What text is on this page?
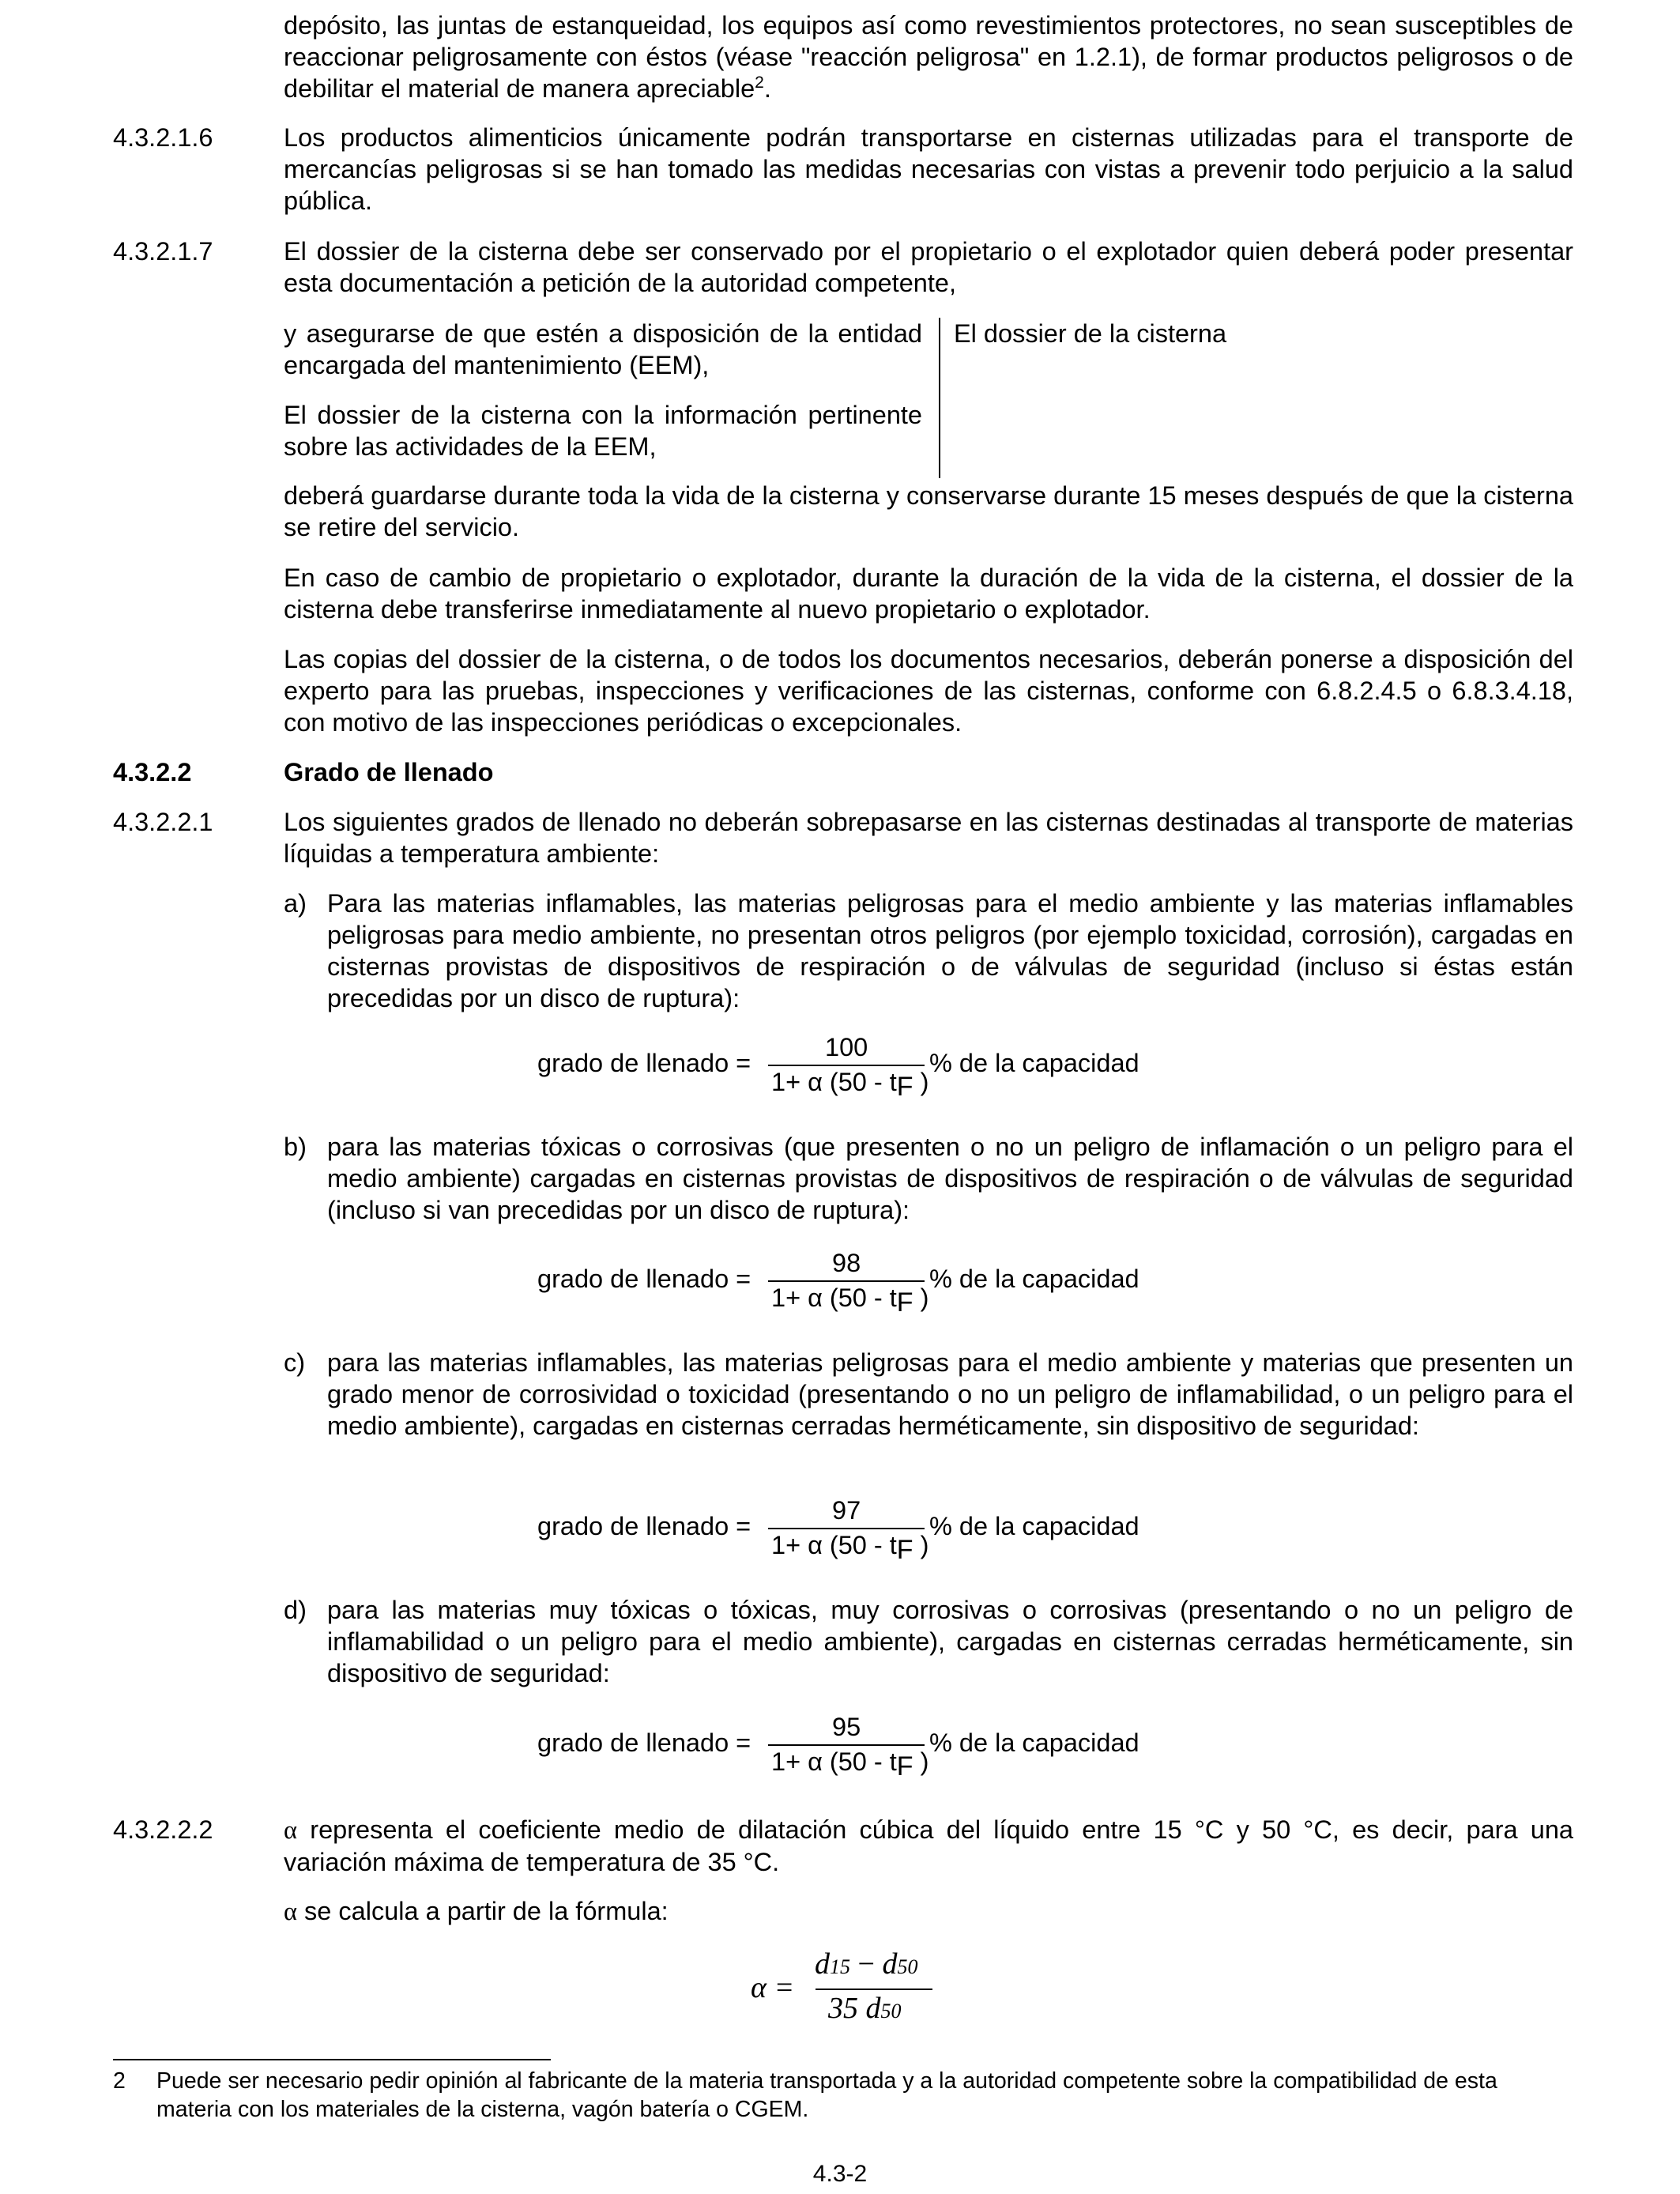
depósito, las juntas de estanqueidad, los equipos así como revestimientos protectores, no sean susceptibles de reaccionar peligrosamente con éstos (véase "reacción peligrosa" en 1.2.1), de formar productos peligrosos o de debilitar el material de manera apreciable$^2$.
4.3.2.1.6	Los productos alimenticios únicamente podrán transportarse en cisternas utilizadas para el transporte de mercancías peligrosas si se han tomado las medidas necesarias con vistas a prevenir todo perjuicio a la salud pública.
4.3.2.1.7	El dossier de la cisterna debe ser conservado por el propietario o el explotador quien deberá poder presentar esta documentación a petición de la autoridad competente,
y asegurarse de que estén a disposición de la entidad encargada del mantenimiento (EEM),
El dossier de la cisterna con la información pertinente sobre las actividades de la EEM,
El dossier de la cisterna
deberá guardarse durante toda la vida de la cisterna y conservarse durante 15 meses después de que la cisterna se retire del servicio.
En caso de cambio de propietario o explotador, durante la duración de la vida de la cisterna, el dossier de la cisterna debe transferirse inmediatamente al nuevo propietario o explotador.
Las copias del dossier de la cisterna, o de todos los documentos necesarios, deberán ponerse a disposición del experto para las pruebas, inspecciones y verificaciones de las cisternas, conforme con 6.8.2.4.5 o 6.8.3.4.18, con motivo de las inspecciones periódicas o excepcionales.
4.3.2.2	Grado de llenado
4.3.2.2.1	Los siguientes grados de llenado no deberán sobrepasarse en las cisternas destinadas al transporte de materias líquidas a temperatura ambiente:
a) Para las materias inflamables, las materias peligrosas para el medio ambiente y las materias inflamables peligrosas para medio ambiente, no presentan otros peligros (por ejemplo toxicidad, corrosión), cargadas en cisternas provistas de dispositivos de respiración o de válvulas de seguridad (incluso si éstas están precedidas por un disco de ruptura):
grado de llenado =
100
1+ α (50 - tF )
% de la capacidad
b) para las materias tóxicas o corrosivas (que presenten o no un peligro de inflamación o un peligro para el medio ambiente) cargadas en cisternas provistas de dispositivos de respiración o de válvulas de seguridad (incluso si van precedidas por un disco de ruptura):
grado de llenado =
98
1+ α (50 - tF )
% de la capacidad
c) para las materias inflamables, las materias peligrosas para el medio ambiente y materias que presenten un grado menor de corrosividad o toxicidad (presentando o no un peligro de inflamabilidad, o un peligro para el medio ambiente), cargadas en cisternas cerradas herméticamente, sin dispositivo de seguridad:
grado de llenado =
97
1+ α (50 - tF )
% de la capacidad
d) para las materias muy tóxicas o tóxicas, muy corrosivas o corrosivas (presentando o no un peligro de inflamabilidad o un peligro para el medio ambiente), cargadas en cisternas cerradas herméticamente, sin dispositivo de seguridad:
grado de llenado =
95
1+ α (50 - tF )
% de la capacidad
4.3.2.2.2	α representa el coeficiente medio de dilatación cúbica del líquido entre 15 °C y 50 °C, es decir, para una variación máxima de temperatura de 35 °C.
α se calcula a partir de la fórmula:
α =
d15 − d50
35 d50
2 Puede ser necesario pedir opinión al fabricante de la materia transportada y a la autoridad competente sobre la compatibilidad de esta materia con los materiales de la cisterna, vagón batería o CGEM.
4.3-2
